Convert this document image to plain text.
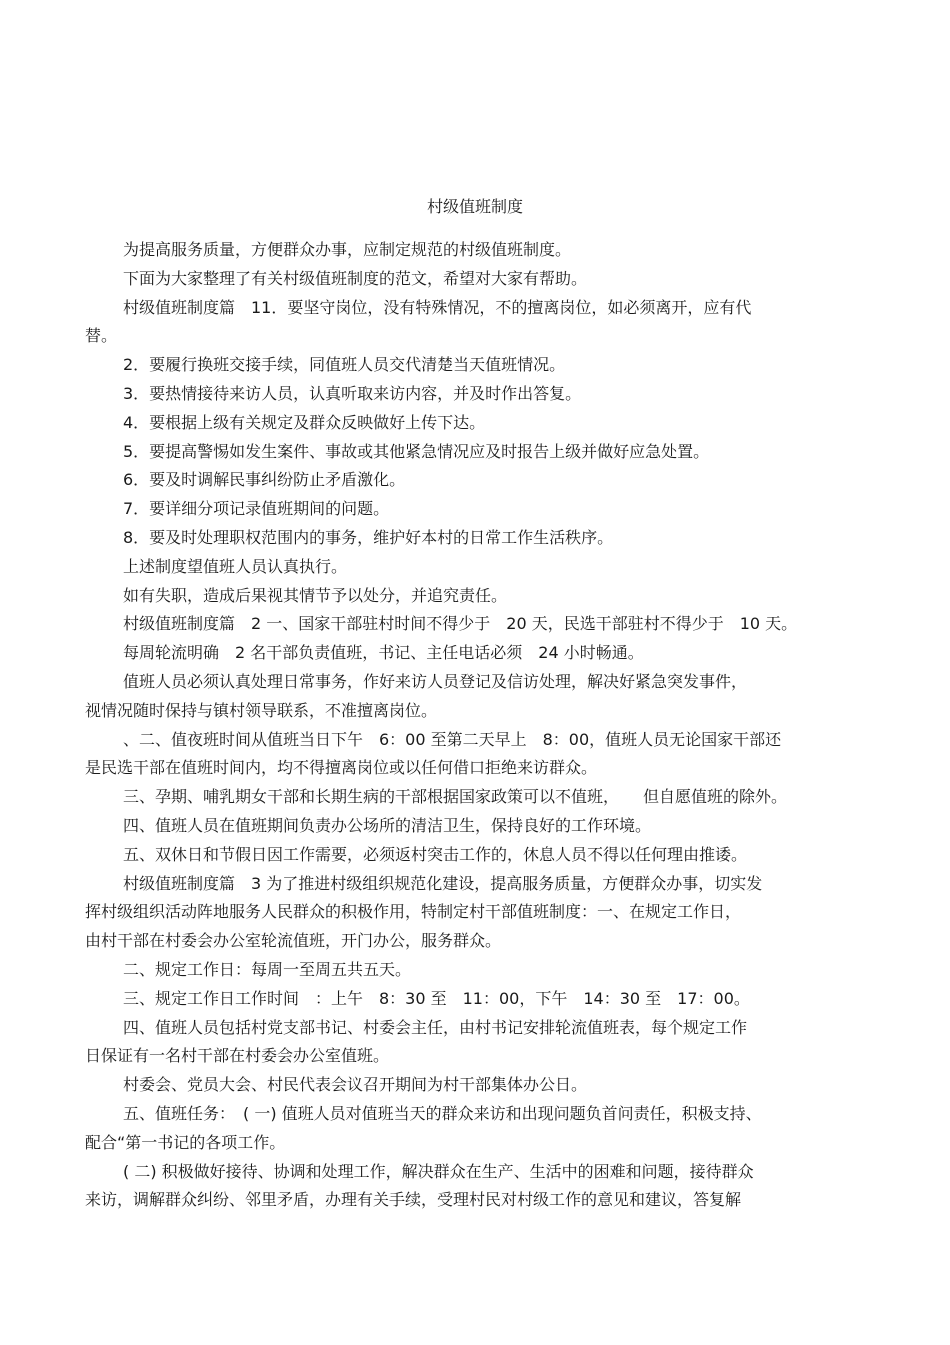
村级值班制度

为提高服务质量，方便群众办事，应制定规范的村级值班制度。

下面为大家整理了有关村级值班制度的范文，希望对大家有帮助。

村级值班制度篇　11．要坚守岗位，没有特殊情况，不的擅离岗位，如必须离开，应有代
替。

2．要履行换班交接手续，同值班人员交代清楚当天值班情况。

3．要热情接待来访人员，认真听取来访内容，并及时作出答复。

4．要根据上级有关规定及群众反映做好上传下达。

5．要提高警惕如发生案件、事故或其他紧急情况应及时报告上级并做好应急处置。

6．要及时调解民事纠纷防止矛盾激化。

7．要详细分项记录值班期间的问题。

8．要及时处理职权范围内的事务，维护好本村的日常工作生活秩序。

上述制度望值班人员认真执行。

如有失职，造成后果视其情节予以处分，并追究责任。

村级值班制度篇　2 一、国家干部驻村时间不得少于　20 天，民选干部驻村不得少于　10 天。

每周轮流明确　2 名干部负责值班，书记、主任电话必须　24 小时畅通。

值班人员必须认真处理日常事务，作好来访人员登记及信访处理，解决好紧急突发事件，
视情况随时保持与镇村领导联系，不准擅离岗位。

、二、值夜班时间从值班当日下午　6：00 至第二天早上　8：00，值班人员无论国家干部还
是民选干部在值班时间内，均不得擅离岗位或以任何借口拒绝来访群众。

三、孕期、哺乳期女干部和长期生病的干部根据国家政策可以不值班，　　但自愿值班的除外。

四、值班人员在值班期间负责办公场所的清洁卫生，保持良好的工作环境。

五、双休日和节假日因工作需要，必须返村突击工作的，休息人员不得以任何理由推诿。

村级值班制度篇　3 为了推进村级组织规范化建设，提高服务质量，方便群众办事，切实发
挥村级组织活动阵地服务人民群众的积极作用，特制定村干部值班制度：一、在规定工作日，
由村干部在村委会办公室轮流值班，开门办公，服务群众。

二、规定工作日：每周一至周五共五天。

三、规定工作日工作时间　：上午　8：30 至　11：00，下午　14：30 至　17：00。

四、值班人员包括村党支部书记、村委会主任，由村书记安排轮流值班表，每个规定工作
日保证有一名村干部在村委会办公室值班。

村委会、党员大会、村民代表会议召开期间为村干部集体办公日。

五、值班任务：　( 一) 值班人员对值班当天的群众来访和出现问题负首问责任，积极支持、
配合“第一书记的各项工作。

( 二) 积极做好接待、协调和处理工作，解决群众在生产、生活中的困难和问题，接待群众
来访，调解群众纠纷、邻里矛盾，办理有关手续，受理村民对村级工作的意见和建议，答复解
